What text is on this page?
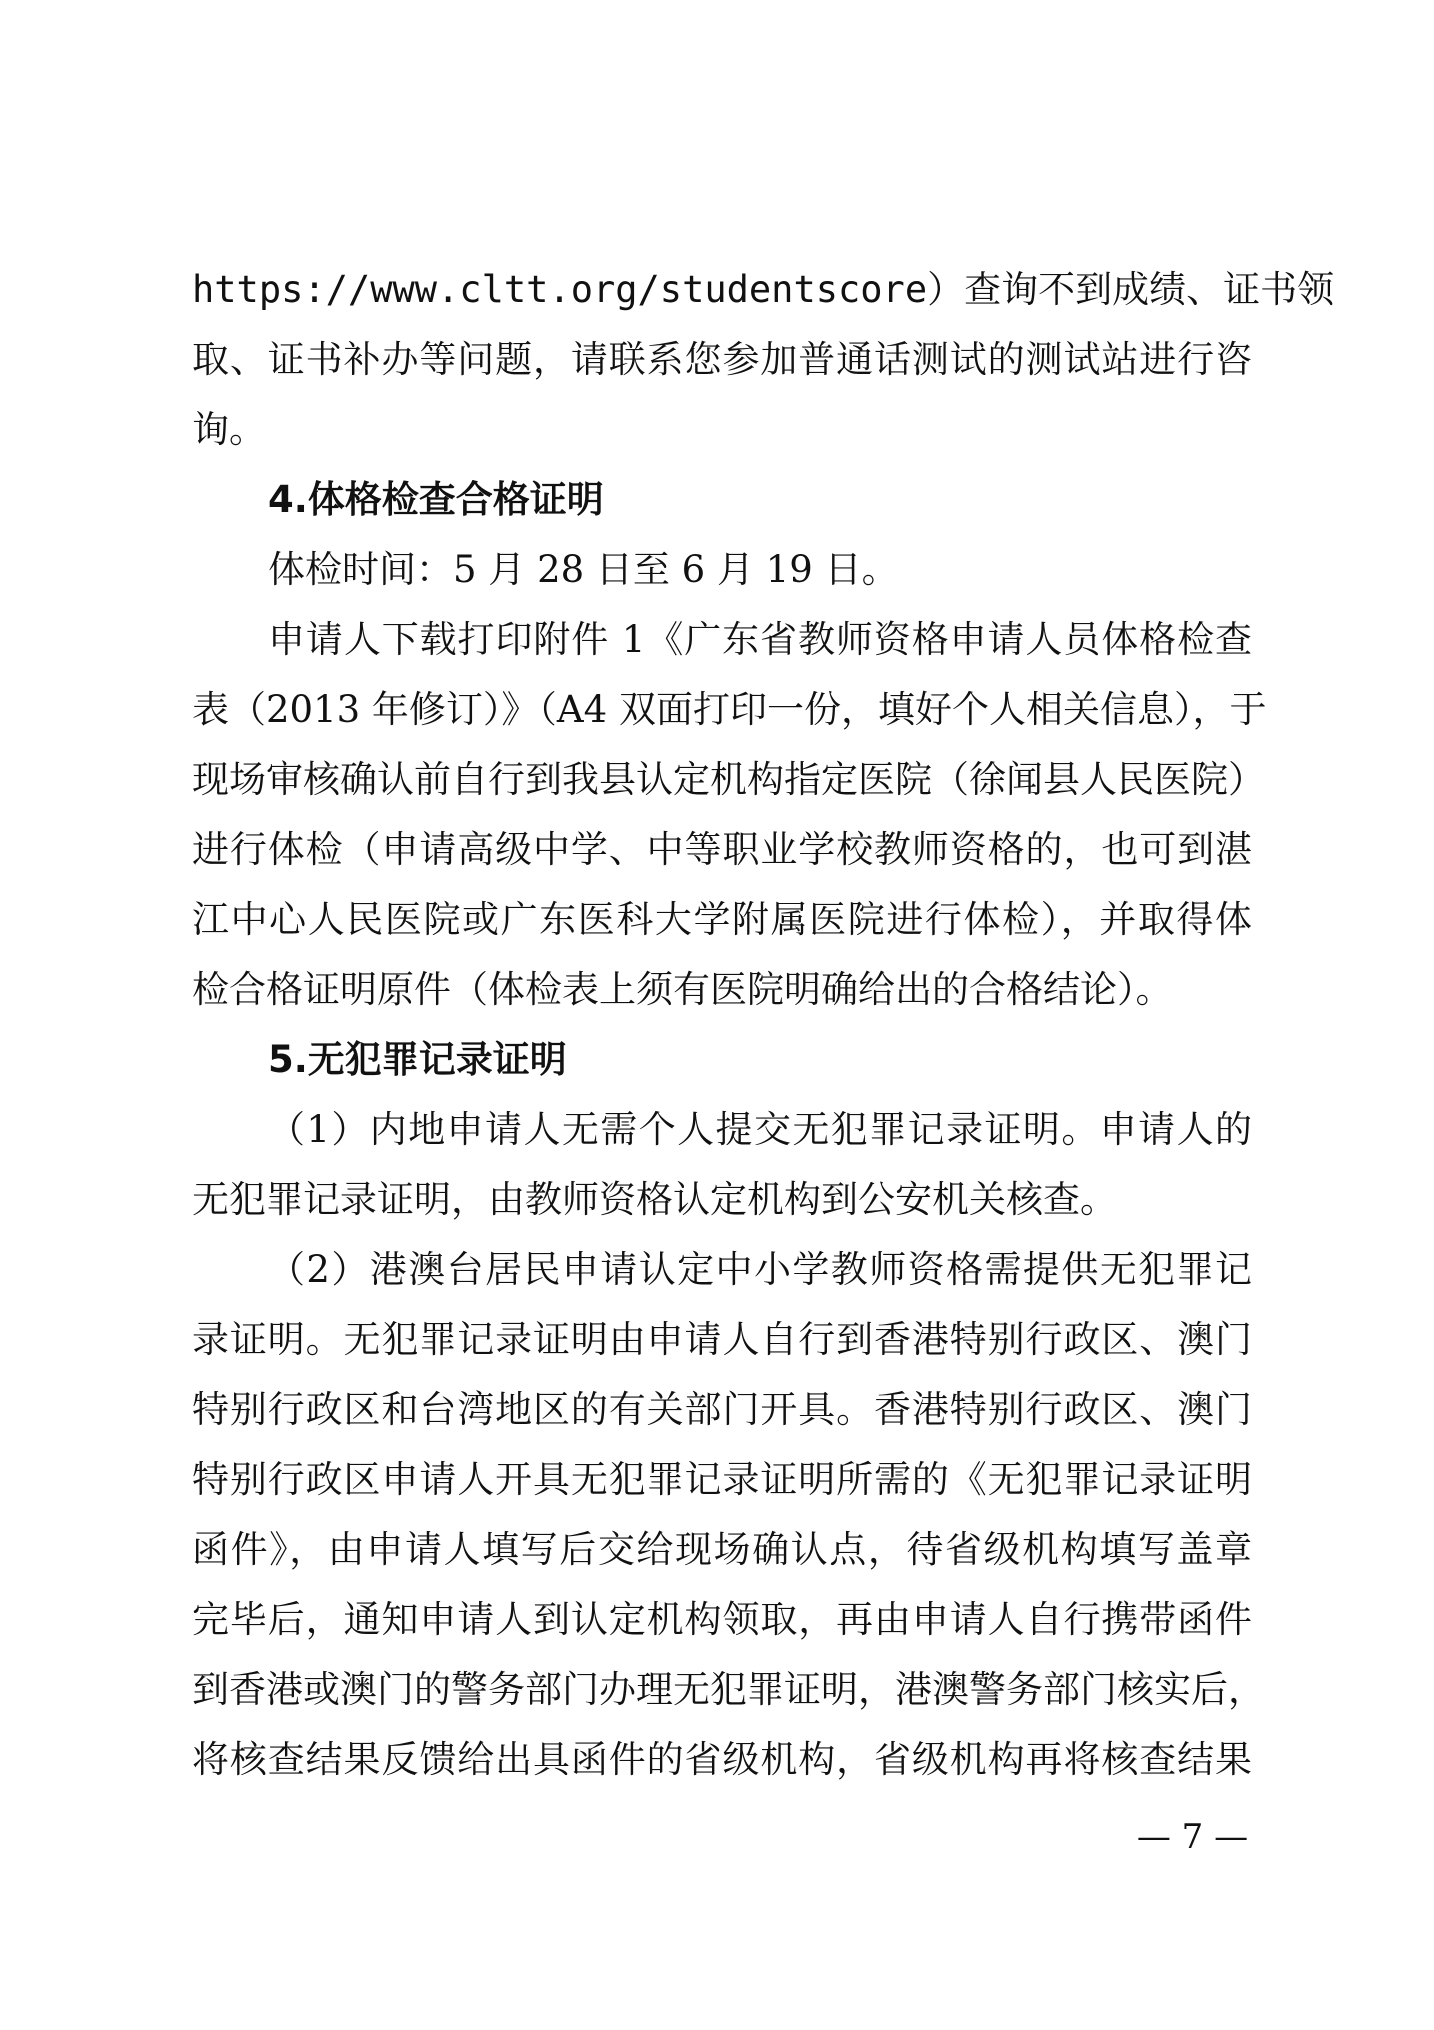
https://www.cltt.org/studentscore）查询不到成绩、证书领
取、证书补办等问题，请联系您参加普通话测试的测试站进行咨
询。
4.体格检查合格证明
体检时间：5 月 28 日至 6 月 19 日。
申请人下载打印附件 1《广东省教师资格申请人员体格检查
表（2013 年修订）》（A4 双面打印一份，填好个人相关信息），于
现场审核确认前自行到我县认定机构指定医院（徐闻县人民医院）
进行体检（申请高级中学、中等职业学校教师资格的，也可到湛
江中心人民医院或广东医科大学附属医院进行体检），并取得体
检合格证明原件（体检表上须有医院明确给出的合格结论）。
5.无犯罪记录证明
（1）内地申请人无需个人提交无犯罪记录证明。申请人的
无犯罪记录证明，由教师资格认定机构到公安机关核查。
（2）港澳台居民申请认定中小学教师资格需提供无犯罪记
录证明。无犯罪记录证明由申请人自行到香港特别行政区、澳门
特别行政区和台湾地区的有关部门开具。香港特别行政区、澳门
特别行政区申请人开具无犯罪记录证明所需的《无犯罪记录证明
函件》，由申请人填写后交给现场确认点，待省级机构填写盖章
完毕后，通知申请人到认定机构领取，再由申请人自行携带函件
到香港或澳门的警务部门办理无犯罪证明，港澳警务部门核实后，
将核查结果反馈给出具函件的省级机构，省级机构再将核查结果
— 7 —
